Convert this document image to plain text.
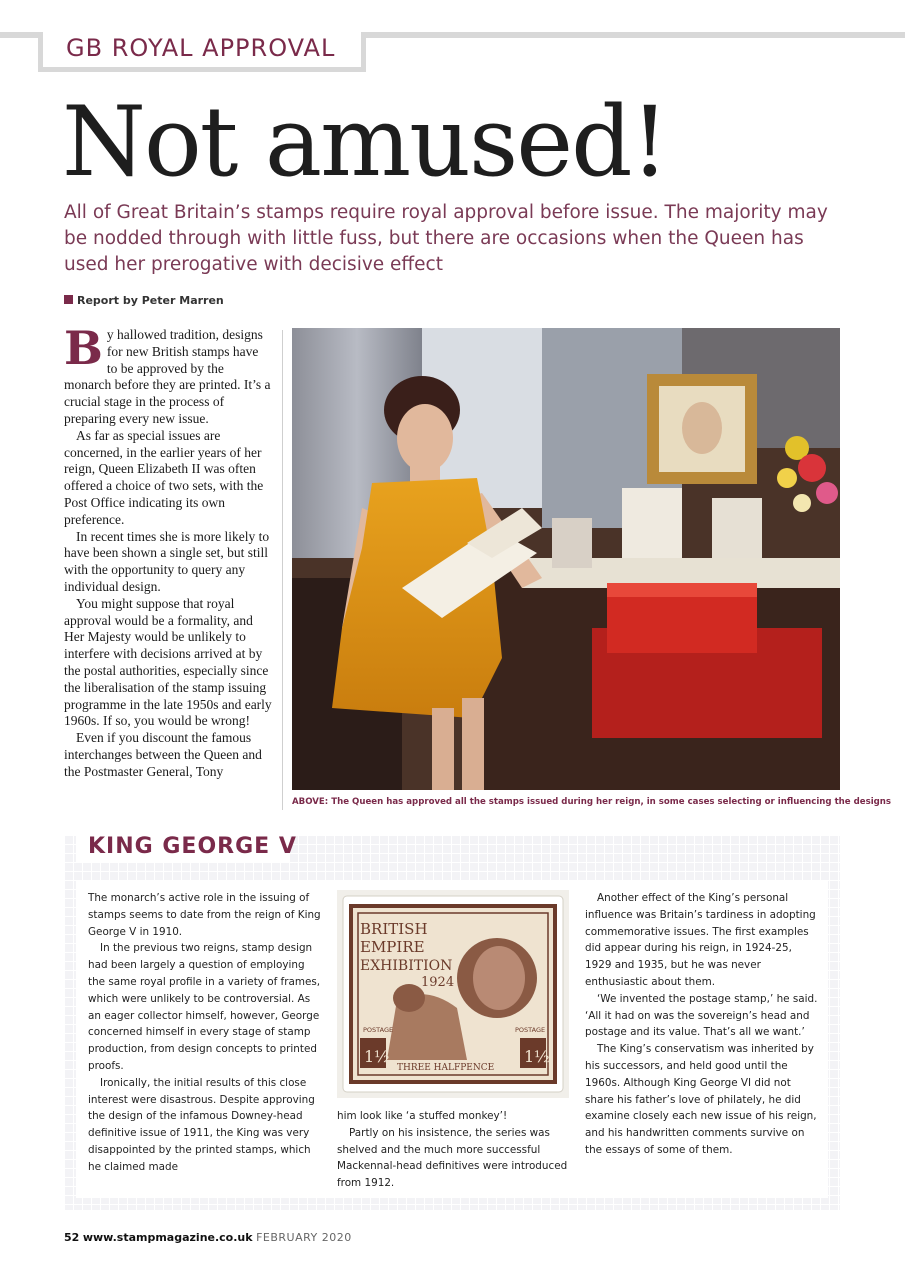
GB ROYAL APPROVAL
Not amused!

All of Great Britain’s stamps require royal approval before issue. The majority may be nodded through with little fuss, but there are occasions when the Queen has used her prerogative with decisive effect

Report by Peter Marren

By hallowed tradition, designs for new British stamps have to be approved by the monarch before they are printed. It’s a crucial stage in the process of preparing every new issue.

As far as special issues are concerned, in the earlier years of her reign, Queen Elizabeth II was often offered a choice of two sets, with the Post Office indicating its own preference.

In recent times she is more likely to have been shown a single set, but still with the opportunity to query any individual design.

You might suppose that royal approval would be a formality, and Her Majesty would be unlikely to interfere with decisions arrived at by the postal authorities, especially since the liberalisation of the stamp issuing programme in the late 1950s and early 1960s. If so, you would be wrong!

Even if you discount the famous interchanges between the Queen and the Postmaster General, Tony

ABOVE: The Queen has approved all the stamps issued during her reign, in some cases selecting or influencing the designs
KING GEORGE V

The monarch’s active role in the issuing of stamps seems to date from the reign of King George V in 1910.

In the previous two reigns, stamp design had been largely a question of employing the same royal profile in a variety of frames, which were unlikely to be controversial. As an eager collector himself, however, George concerned himself in every stage of stamp production, from design concepts to printed proofs.

Ironically, the initial results of this close interest were disastrous. Despite approving the design of the infamous Downey-head definitive issue of 1911, the King was very disappointed by the printed stamps, which he claimed made

BRITISH
EMPIRE
EXHIBITION
1924
POSTAGE	POSTAGE
1½	1½
THREE HALFPENCE

him look like ‘a stuffed monkey’!

Partly on his insistence, the series was shelved and the much more successful Mackennal-head definitives were introduced from 1912.

Another effect of the King’s personal influence was Britain’s tardiness in adopting commemorative issues. The first examples did appear during his reign, in 1924-25, 1929 and 1935, but he was never enthusiastic about them.

‘We invented the postage stamp,’ he said. ‘All it had on was the sovereign’s head and postage and its value. That’s all we want.’

The King’s conservatism was inherited by his successors, and held good until the 1960s. Although King George VI did not share his father’s love of philately, he did examine closely each new issue of his reign, and his handwritten comments survive on the essays of some of them.

52 www.stampmagazine.co.uk FEBRUARY 2020
